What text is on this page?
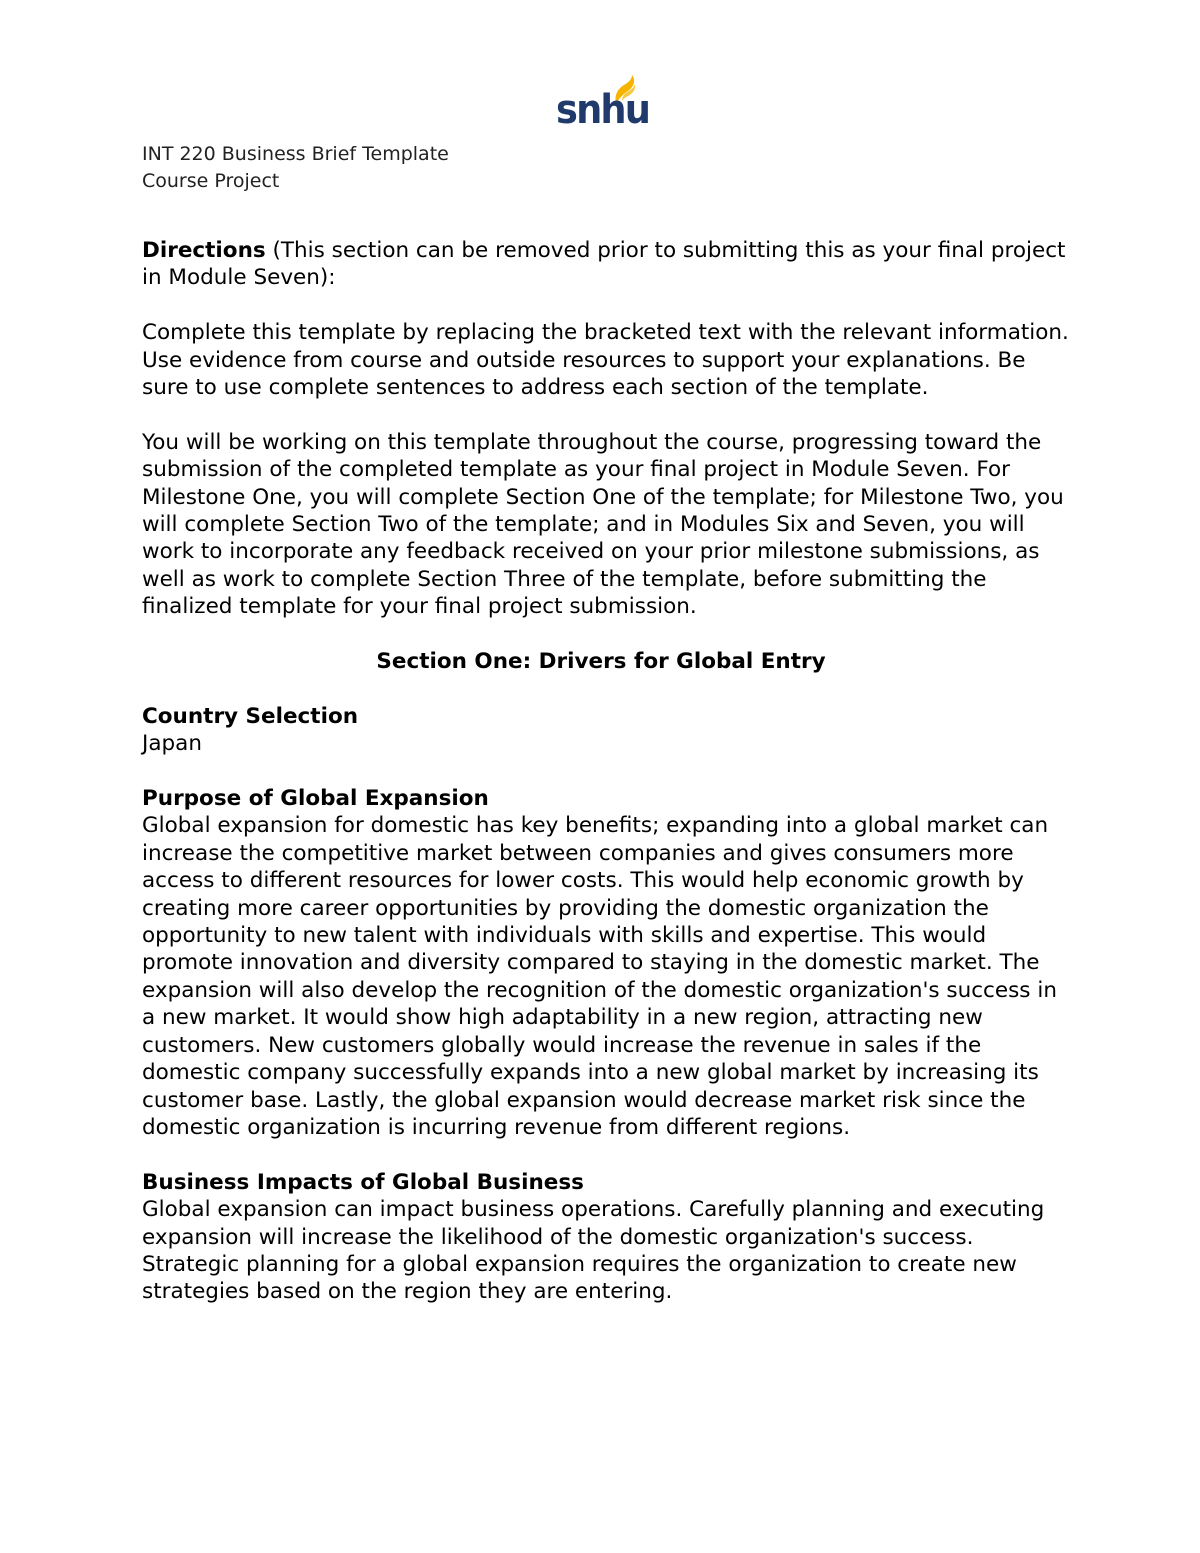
snhu
INT 220 Business Brief Template
Course Project

Directions (This section can be removed prior to submitting this as your final project in Module Seven):

Complete this template by replacing the bracketed text with the relevant information. Use evidence from course and outside resources to support your explanations. Be sure to use complete sentences to address each section of the template.

You will be working on this template throughout the course, progressing toward the submission of the completed template as your final project in Module Seven. For Milestone One, you will complete Section One of the template; for Milestone Two, you will complete Section Two of the template; and in Modules Six and Seven, you will work to incorporate any feedback received on your prior milestone submissions, as well as work to complete Section Three of the template, before submitting the finalized template for your final project submission.

Section One: Drivers for Global Entry

Country Selection

Japan

Purpose of Global Expansion

Global expansion for domestic has key benefits; expanding into a global market can increase the competitive market between companies and gives consumers more access to different resources for lower costs. This would help economic growth by creating more career opportunities by providing the domestic organization the opportunity to new talent with individuals with skills and expertise. This would promote innovation and diversity compared to staying in the domestic market. The expansion will also develop the recognition of the domestic organization's success in a new market. It would show high adaptability in a new region, attracting new customers. New customers globally would increase the revenue in sales if the domestic company successfully expands into a new global market by increasing its customer base. Lastly, the global expansion would decrease market risk since the domestic organization is incurring revenue from different regions.

Business Impacts of Global Business

Global expansion can impact business operations. Carefully planning and executing expansion will increase the likelihood of the domestic organization's success. Strategic planning for a global expansion requires the organization to create new strategies based on the region they are entering.
